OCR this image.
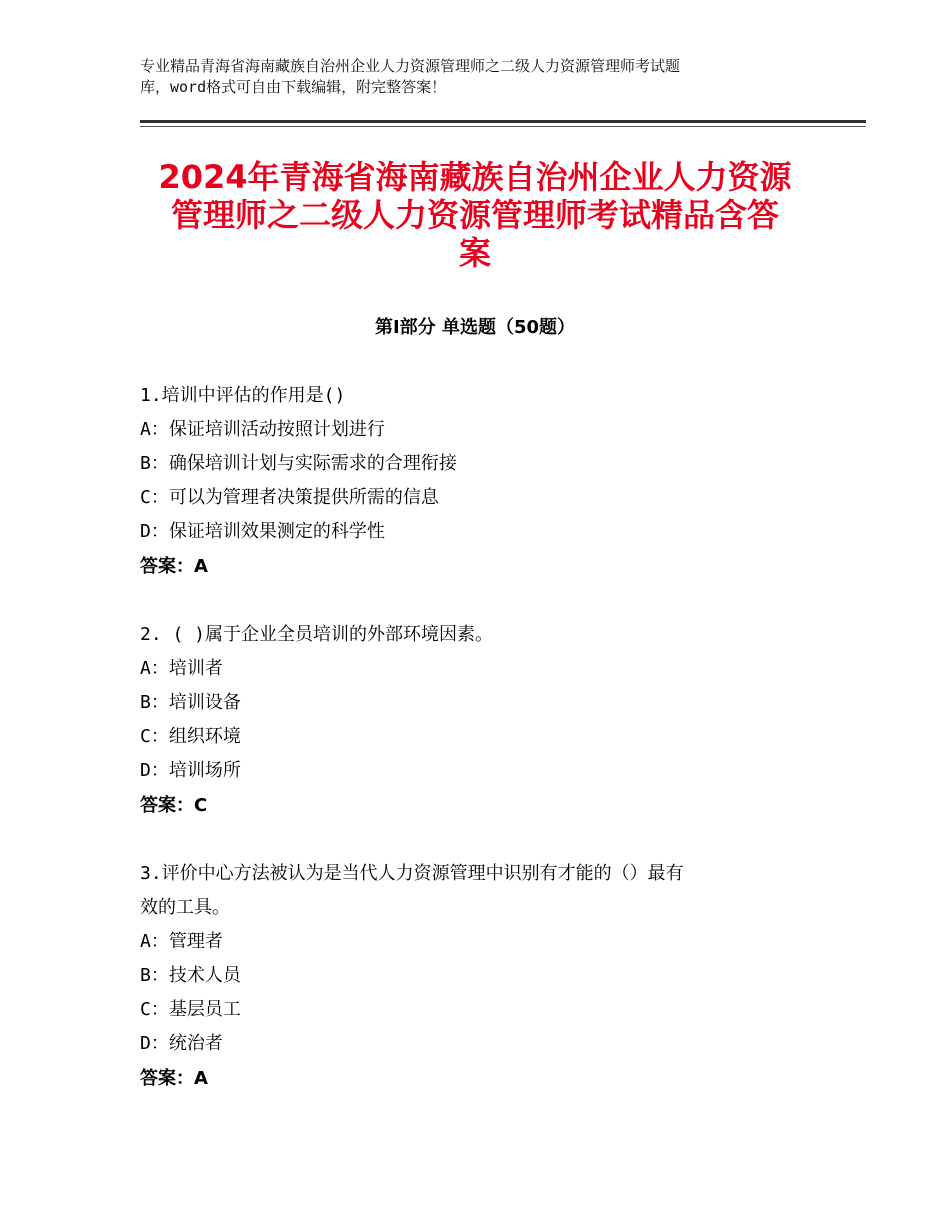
专业精品青海省海南藏族自治州企业人力资源管理师之二级人力资源管理师考试题
库，word格式可自由下载编辑，附完整答案！
2024年青海省海南藏族自治州企业人力资源
管理师之二级人力资源管理师考试精品含答
案
第Ⅰ部分 单选题（50题）
1.培训中评估的作用是()
A：保证培训活动按照计划进行
B：确保培训计划与实际需求的合理衔接
C：可以为管理者决策提供所需的信息
D：保证培训效果测定的科学性
答案：A
2. ( )属于企业全员培训的外部环境因素。
A：培训者
B：培训设备
C：组织环境
D：培训场所
答案：C
3.评价中心方法被认为是当代人力资源管理中识别有才能的（）最有
效的工具。
A：管理者
B：技术人员
C：基层员工
D：统治者
答案：A
